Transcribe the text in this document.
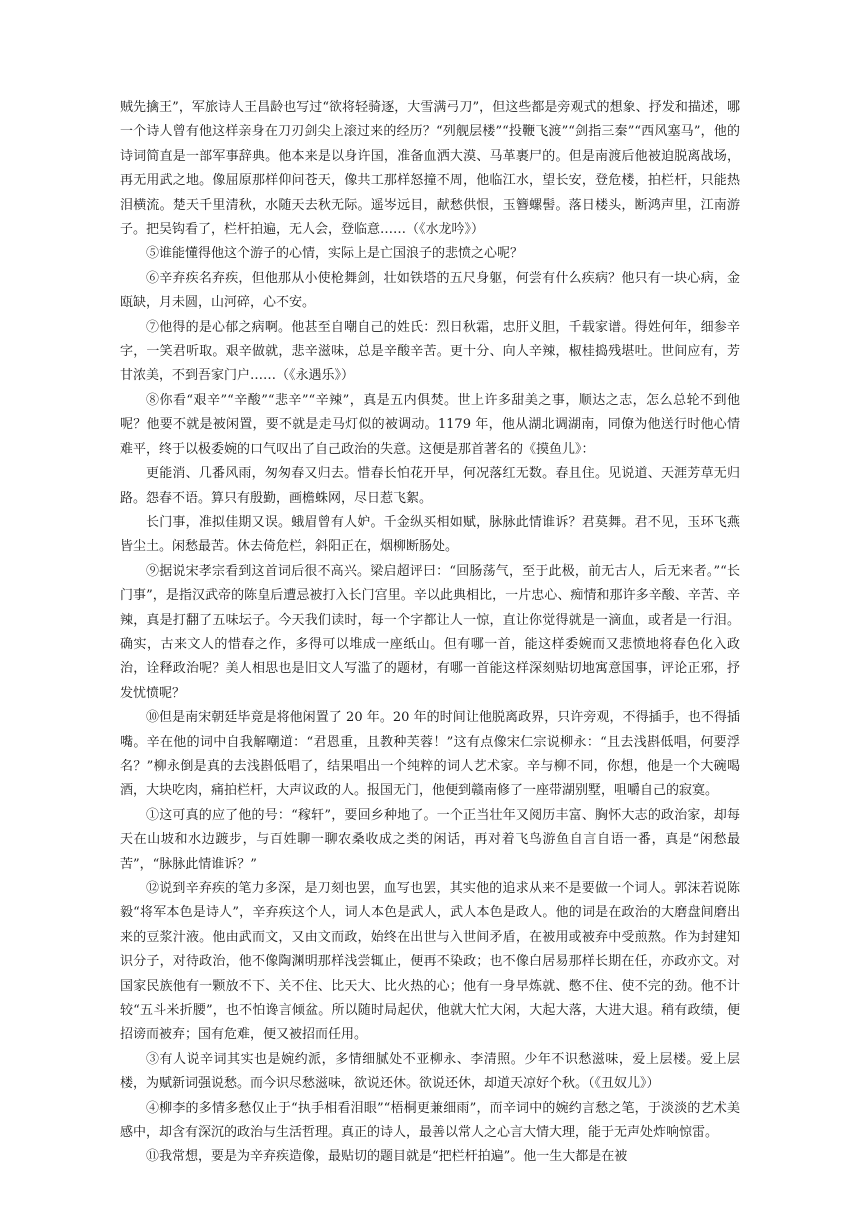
贼先擒王”，军旅诗人王昌龄也写过“欲将轻骑逐，大雪满弓刀”，但这些都是旁观式的想象、抒发和描述，哪一个诗人曾有他这样亲身在刀刃剑尖上滚过来的经历？“列舰层楼”“投鞭飞渡”“剑指三秦”“西风塞马”，他的诗词简直是一部军事辞典。他本来是以身许国，准备血洒大漠、马革裹尸的。但是南渡后他被迫脱离战场，再无用武之地。像屈原那样仰问苍天，像共工那样怒撞不周，他临江水，望长安，登危楼，拍栏杆，只能热泪横流。楚天千里清秋，水随天去秋无际。遥岑远目，献愁供恨，玉簪螺髻。落日楼头，断鸿声里，江南游子。把吴钩看了，栏杆拍遍，无人会，登临意……（《水龙吟》）

⑤谁能懂得他这个游子的心情，实际上是亡国浪子的悲愤之心呢？

⑥辛弃疾名弃疾，但他那从小使枪舞剑，壮如铁塔的五尺身躯，何尝有什么疾病？他只有一块心病，金瓯缺，月未圆，山河碎，心不安。

⑦他得的是心郁之病啊。他甚至自嘲自己的姓氏：烈日秋霜，忠肝义胆，千载家谱。得姓何年，细参辛字，一笑君听取。艰辛做就，悲辛滋味，总是辛酸辛苦。更十分、向人辛辣，椒桂捣残堪吐。世间应有，芳甘浓美，不到吾家门户……（《永遇乐》）

⑧你看“艰辛”“辛酸”“悲辛”“辛辣”，真是五内俱焚。世上许多甜美之事，顺达之志，怎么总轮不到他呢？他要不就是被闲置，要不就是走马灯似的被调动。1179 年，他从湖北调湖南，同僚为他送行时他心情难平，终于以极委婉的口气叹出了自己政治的失意。这便是那首著名的《摸鱼儿》：

更能消、几番风雨，匆匆春又归去。惜春长怕花开早，何况落红无数。春且住。见说道、天涯芳草无归路。怨春不语。算只有殷勤，画檐蛛网，尽日惹飞絮。

长门事，准拟佳期又误。蛾眉曾有人妒。千金纵买相如赋，脉脉此情谁诉？君莫舞。君不见，玉环飞燕皆尘土。闲愁最苦。休去倚危栏，斜阳正在，烟柳断肠处。

⑨据说宋孝宗看到这首词后很不高兴。梁启超评曰：“回肠荡气，至于此极，前无古人，后无来者。”“长门事”，是指汉武帝的陈皇后遭忌被打入长门宫里。辛以此典相比，一片忠心、痴情和那许多辛酸、辛苦、辛辣，真是打翻了五味坛子。今天我们读时，每一个字都让人一惊，直让你觉得就是一滴血，或者是一行泪。确实，古来文人的惜春之作，多得可以堆成一座纸山。但有哪一首，能这样委婉而又悲愤地将春色化入政治，诠释政治呢？美人相思也是旧文人写滥了的题材，有哪一首能这样深刻贴切地寓意国事，评论正邪，抒发忧愤呢？

⑩但是南宋朝廷毕竟是将他闲置了 20 年。20 年的时间让他脱离政界，只许旁观，不得插手，也不得插嘴。辛在他的词中自我解嘲道：“君恩重，且教种芙蓉！”这有点像宋仁宗说柳永：“且去浅斟低唱，何要浮名？”柳永倒是真的去浅斟低唱了，结果唱出一个纯粹的词人艺术家。辛与柳不同，你想，他是一个大碗喝酒，大块吃肉，痛拍栏杆，大声议政的人。报国无门，他便到赣南修了一座带湖别墅，咀嚼自己的寂寞。

①这可真的应了他的号：“稼轩”，要回乡种地了。一个正当壮年又阅历丰富、胸怀大志的政治家，却每天在山坡和水边踱步，与百姓聊一聊农桑收成之类的闲话，再对着飞鸟游鱼自言自语一番，真是“闲愁最苦”，“脉脉此情谁诉？”

⑫说到辛弃疾的笔力多深，是刀刻也罢，血写也罢，其实他的追求从来不是要做一个词人。郭沫若说陈毅“将军本色是诗人”，辛弃疾这个人，词人本色是武人，武人本色是政人。他的词是在政治的大磨盘间磨出来的豆浆汁液。他由武而文，又由文而政，始终在出世与入世间矛盾，在被用或被弃中受煎熬。作为封建知识分子，对待政治，他不像陶渊明那样浅尝辄止，便再不染政；也不像白居易那样长期在任，亦政亦文。对国家民族他有一颗放不下、关不住、比天大、比火热的心；他有一身早炼就、憋不住、使不完的劲。他不计较“五斗米折腰”，也不怕谗言倾盆。所以随时局起伏，他就大忙大闲，大起大落，大进大退。稍有政绩，便招谤而被弃；国有危难，便又被招而任用。

③有人说辛词其实也是婉约派，多情细腻处不亚柳永、李清照。少年不识愁滋味，爱上层楼。爱上层楼，为赋新词强说愁。而今识尽愁滋味，欲说还休。欲说还休，却道天凉好个秋。（《丑奴儿》）

④柳李的多情多愁仅止于“执手相看泪眼”“梧桐更兼细雨”，而辛词中的婉约言愁之笔，于淡淡的艺术美感中，却含有深沉的政治与生活哲理。真正的诗人，最善以常人之心言大情大理，能于无声处炸响惊雷。

⑪我常想，要是为辛弃疾造像，最贴切的题目就是“把栏杆拍遍”。他一生大都是在被
